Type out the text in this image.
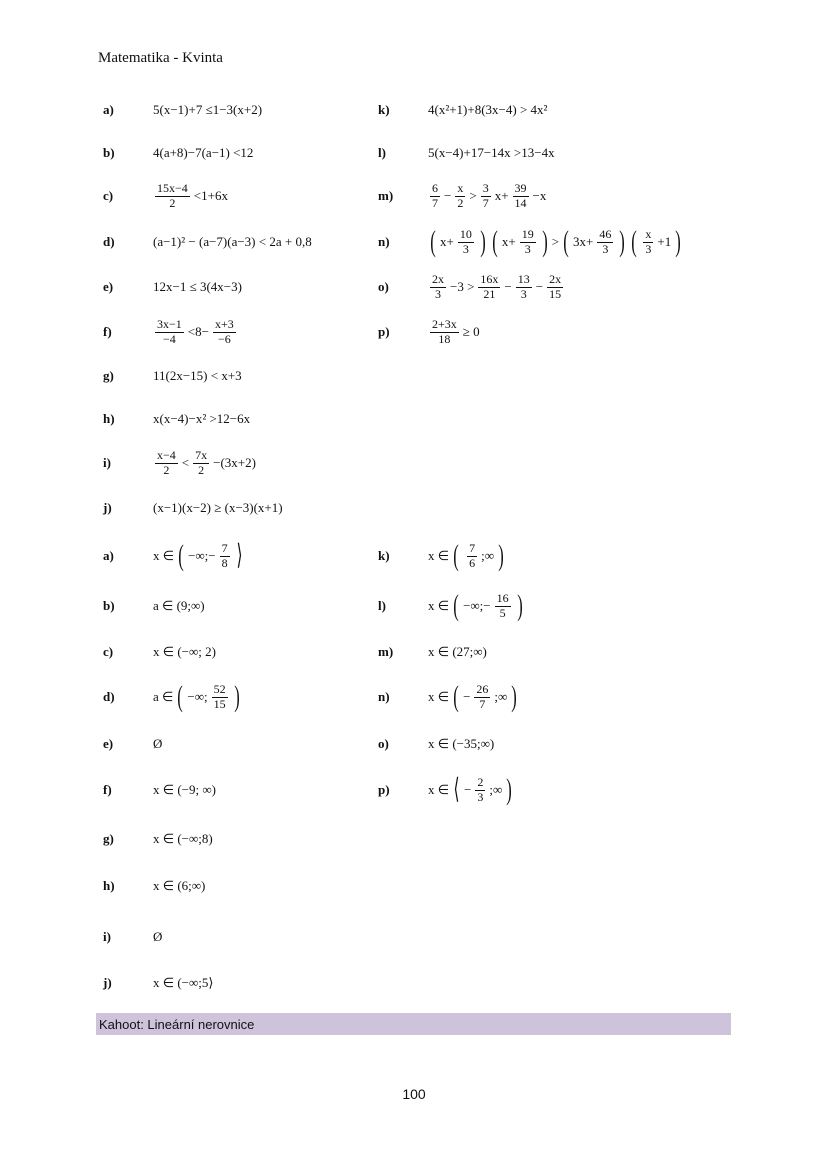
Matematika - Kvinta
a)	5(x−1)+7 ≤1−3(x+2)
b)	4(a+8)−7(a−1) <12
c)	$\frac{15x-4}{2} <1+6x$
d)	(a−1)² − (a−7)(a−3) < 2a + 0,8
e)	12x−1 ≤ 3(4x−3)
f)	$\frac{3x-1}{-4} <8- \frac{x+3}{-6}$
g)	11(2x−15) < x+3
h)	x(x−4)−x² >12−6x
i)	$\frac{x-4}{2} < \frac{7x}{2} -(3x+2)$
j)	(x−1)(x−2) ≥ (x−3)(x+1)
k)	4(x²+1)+8(3x−4) > 4x²
l)	5(x−4)+17−14x >13−4x
m)	$\frac{6}{7} - \frac{x}{2} > \frac{3}{7} x+ \frac{39}{14} -x$
n)	( $x+ \frac{10}{3}$ ) ( $x+ \frac{19}{3}$ ) > ( $3x+ \frac{46}{3}$ ) ( $\frac{x}{3} +1$ )
o)	$\frac{2x}{3} -3 > \frac{16x}{21} - \frac{13}{3} - \frac{2x}{15}$
p)	$\frac{2+3x}{18} \ge 0$
a)	x ∈ ( −∞;− $\frac{7}{8}$ ⟩
b)	a ∈ (9;∞)
c)	x ∈ (−∞; 2)
d)	a ∈ ( −∞; $\frac{52}{15}$ )
e)	Ø
f)	x ∈ (−9; ∞)
g)	x ∈ (−∞;8)
h)	x ∈ (6;∞)
i)	Ø
j)	x ∈ (−∞;5⟩
k)	x ∈ ( $\frac{7}{6}$ ;∞ )
l)	x ∈ ( −∞;− $\frac{16}{5}$ )
m)	x ∈ (27;∞)
n)	x ∈ ( − $\frac{26}{7}$ ;∞ )
o)	x ∈ (−35;∞)
p)	x ∈ ⟨ − $\frac{2}{3}$ ;∞ )
Kahoot: Lineární nerovnice
100
